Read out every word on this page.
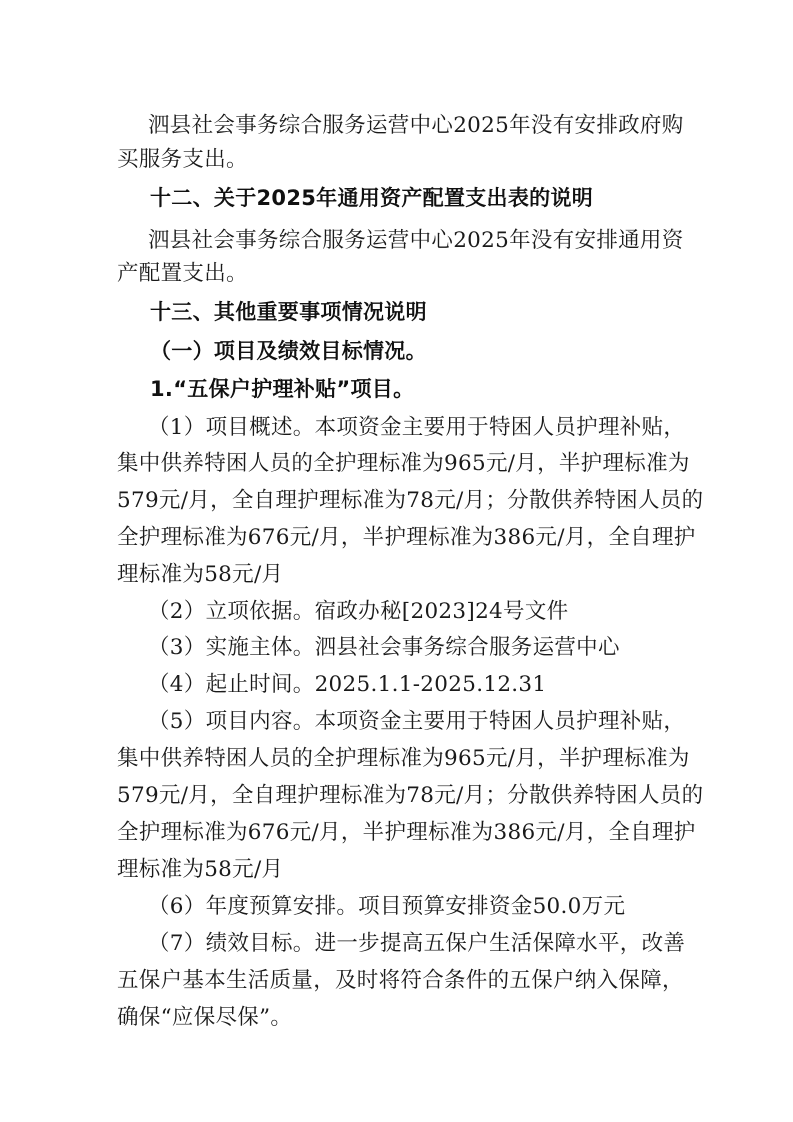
泗县社会事务综合服务运营中心2025年没有安排政府购

买服务支出。

十二、关于2025年通用资产配置支出表的说明

泗县社会事务综合服务运营中心2025年没有安排通用资

产配置支出。

十三、其他重要事项情况说明

（一）项目及绩效目标情况。

1.“五保户护理补贴”项目。

（1）项目概述。本项资金主要用于特困人员护理补贴，

集中供养特困人员的全护理标准为965元/月，半护理标准为

579元/月，全自理护理标准为78元/月；分散供养特困人员的

全护理标准为676元/月，半护理标准为386元/月，全自理护

理标准为58元/月

（2）立项依据。宿政办秘[2023]24号文件

（3）实施主体。泗县社会事务综合服务运营中心

（4）起止时间。2025.1.1-2025.12.31

（5）项目内容。本项资金主要用于特困人员护理补贴，

集中供养特困人员的全护理标准为965元/月，半护理标准为

579元/月，全自理护理标准为78元/月；分散供养特困人员的

全护理标准为676元/月，半护理标准为386元/月，全自理护

理标准为58元/月

（6）年度预算安排。项目预算安排资金50.0万元

（7）绩效目标。进一步提高五保户生活保障水平，改善

五保户基本生活质量，及时将符合条件的五保户纳入保障，

确保“应保尽保”。
